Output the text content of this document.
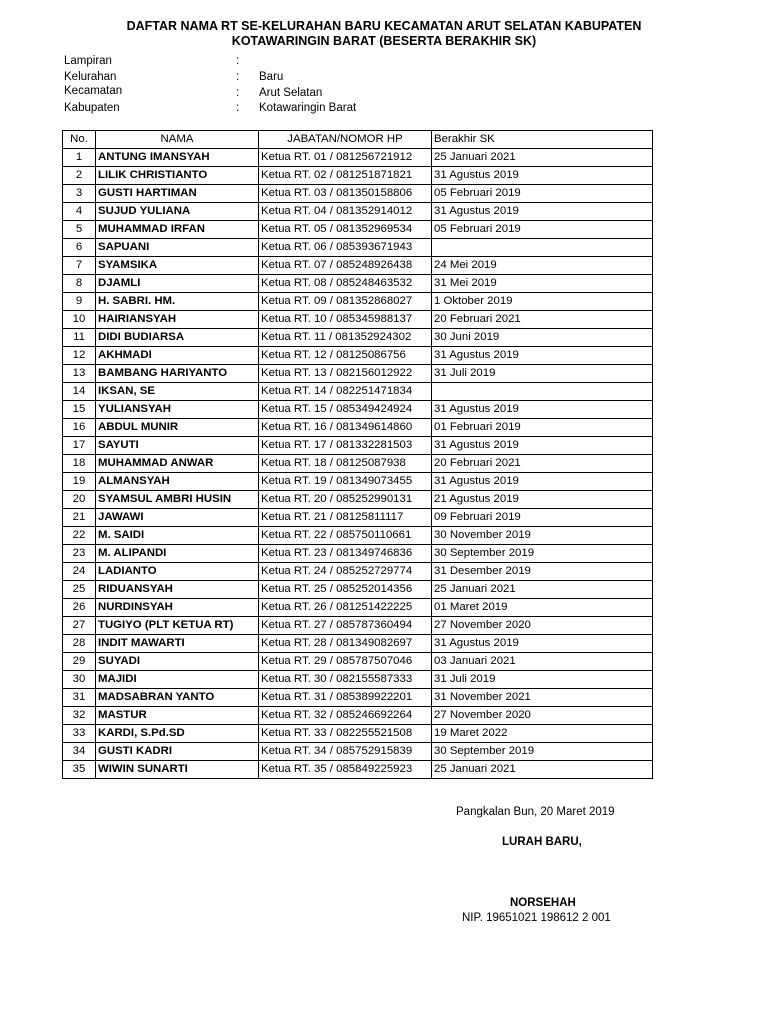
DAFTAR NAMA RT SE-KELURAHAN BARU KECAMATAN ARUT SELATAN KABUPATEN
KOTAWARINGIN BARAT (BESERTA BERAKHIR SK)
Lampiran	:
Kelurahan	: Baru
Kecamatan	: Arut Selatan
Kabupaten	: Kotawaringin Barat
No.	NAMA	JABATAN/NOMOR HP	Berakhir SK
1	ANTUNG IMANSYAH	Ketua RT. 01 / 081256721912	25 Januari 2021
2	LILIK CHRISTIANTO	Ketua RT. 02 / 081251871821	31 Agustus 2019
3	GUSTI HARTIMAN	Ketua RT. 03 / 081350158806	05 Februari 2019
4	SUJUD YULIANA	Ketua RT. 04 / 081352914012	31 Agustus 2019
5	MUHAMMAD IRFAN	Ketua RT. 05 / 081352969534	05 Februari 2019
6	SAPUANI	Ketua RT. 06 / 085393671943	
7	SYAMSIKA	Ketua RT. 07 / 085248926438	24 Mei 2019
8	DJAMLI	Ketua RT. 08 / 085248463532	31 Mei 2019
9	H. SABRI. HM.	Ketua RT. 09 / 081352868027	1 Oktober 2019
10	HAIRIANSYAH	Ketua RT. 10 / 085345988137	20 Februari 2021
11	DIDI BUDIARSA	Ketua RT. 11 / 081352924302	30 Juni 2019
12	AKHMADI	Ketua RT. 12 / 08125086756	31 Agustus 2019
13	BAMBANG HARIYANTO	Ketua RT. 13 / 082156012922	31 Juli 2019
14	IKSAN, SE	Ketua RT. 14 / 082251471834	
15	YULIANSYAH	Ketua RT. 15 / 085349424924	31 Agustus 2019
16	ABDUL MUNIR	Ketua RT. 16 / 081349614860	01 Februari 2019
17	SAYUTI	Ketua RT. 17 / 081332281503	31 Agustus 2019
18	MUHAMMAD ANWAR	Ketua RT. 18 / 08125087938	20 Februari 2021
19	ALMANSYAH	Ketua RT. 19 / 081349073455	31 Agustus 2019
20	SYAMSUL AMBRI HUSIN	Ketua RT. 20 / 085252990131	21 Agustus 2019
21	JAWAWI	Ketua RT. 21 / 08125811117	09 Februari 2019
22	M. SAIDI	Ketua RT. 22 / 085750110661	30 November 2019
23	M. ALIPANDI	Ketua RT. 23 / 081349746836	30 September 2019
24	LADIANTO	Ketua RT. 24 / 085252729774	31 Desember 2019
25	RIDUANSYAH	Ketua RT. 25 / 085252014356	25 Januari 2021
26	NURDINSYAH	Ketua RT. 26 / 081251422225	01 Maret 2019
27	TUGIYO (PLT KETUA RT)	Ketua RT. 27 / 085787360494	27 November 2020
28	INDIT MAWARTI	Ketua RT. 28 / 081349082697	31 Agustus 2019
29	SUYADI	Ketua RT. 29 / 085787507046	03 Januari 2021
30	MAJIDI	Ketua RT. 30 / 082155587333	31 Juli 2019
31	MADSABRAN YANTO	Ketua RT. 31 / 085389922201	31 November 2021
32	MASTUR	Ketua RT. 32 / 085246692264	27 November 2020
33	KARDI, S.Pd.SD	Ketua RT. 33 / 082255521508	19 Maret 2022
34	GUSTI KADRI	Ketua RT. 34 / 085752915839	30 September 2019
35	WIWIN SUNARTI	Ketua RT. 35 / 085849225923	25 Januari 2021
Pangkalan Bun, 20 Maret 2019
LURAH BARU,
NORSEHAH
NIP. 19651021 198612 2 001
